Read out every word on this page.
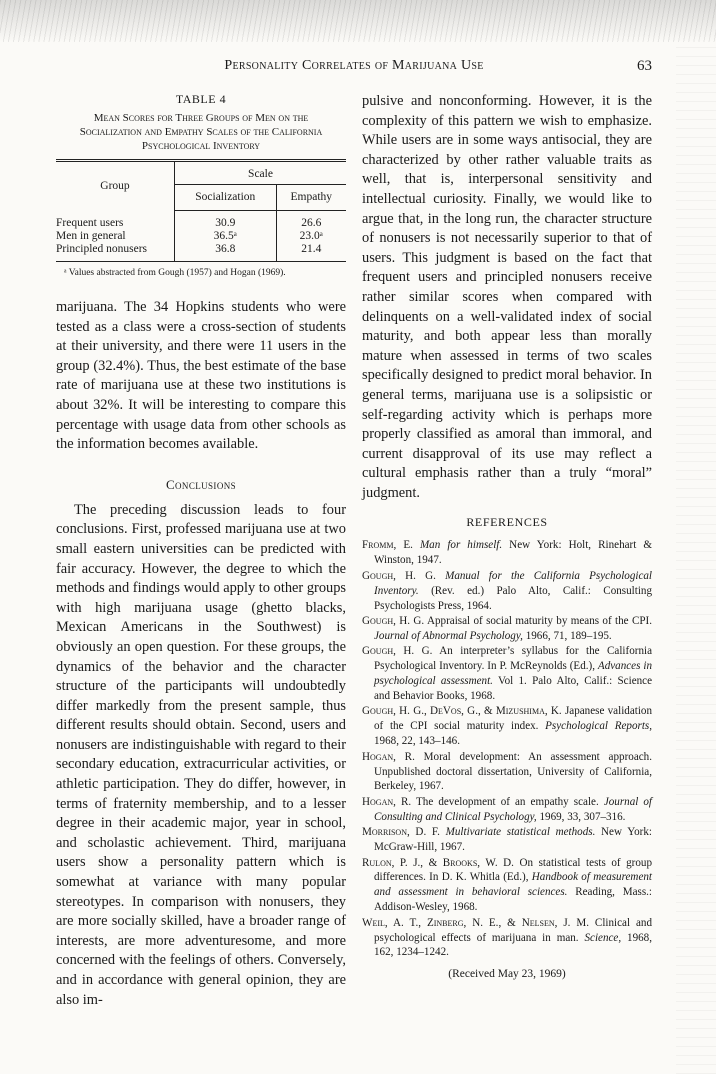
Personality Correlates of Marijuana Use	63
TABLE 4
Mean Scores for Three Groups of Men on the Socialization and Empathy Scales of the California Psychological Inventory
Group	Scale	
	Socialization	Empathy
Frequent users	30.9	26.6
Men in general	36.5ᵃ	23.0ᵃ
Principled nonusers	36.8	21.4
ᵃ Values abstracted from Gough (1957) and Hogan (1969).

marijuana. The 34 Hopkins students who were tested as a class were a cross-section of students at their university, and there were 11 users in the group (32.4%). Thus, the best estimate of the base rate of marijuana use at these two institutions is about 32%. It will be interesting to compare this percentage with usage data from other schools as the information becomes available.

Conclusions

The preceding discussion leads to four conclusions. First, professed marijuana use at two small eastern universities can be predicted with fair accuracy. However, the degree to which the methods and findings would apply to other groups with high marijuana usage (ghetto blacks, Mexican Americans in the Southwest) is obviously an open question. For these groups, the dynamics of the behavior and the character structure of the participants will undoubtedly differ markedly from the present sample, thus different results should obtain. Second, users and nonusers are indistinguishable with regard to their secondary education, extracurricular activities, or athletic participation. They do differ, however, in terms of fraternity membership, and to a lesser degree in their academic major, year in school, and scholastic achievement. Third, marijuana users show a personality pattern which is somewhat at variance with many popular stereotypes. In comparison with nonusers, they are more socially skilled, have a broader range of interests, are more adventuresome, and more concerned with the feelings of others. Conversely, and in accordance with general opinion, they are also im-

pulsive and nonconforming. However, it is the complexity of this pattern we wish to emphasize. While users are in some ways antisocial, they are characterized by other rather valuable traits as well, that is, interpersonal sensitivity and intellectual curiosity. Finally, we would like to argue that, in the long run, the character structure of nonusers is not necessarily superior to that of users. This judgment is based on the fact that frequent users and principled nonusers receive rather similar scores when compared with delinquents on a well-validated index of social maturity, and both appear less than morally mature when assessed in terms of two scales specifically designed to predict moral behavior. In general terms, marijuana use is a solipsistic or self-regarding activity which is perhaps more properly classified as amoral than immoral, and current disapproval of its use may reflect a cultural emphasis rather than a truly “moral” judgment.

REFERENCES

Fromm, E. Man for himself. New York: Holt, Rinehart & Winston, 1947.

Gough, H. G. Manual for the California Psychological Inventory. (Rev. ed.) Palo Alto, Calif.: Consulting Psychologists Press, 1964.

Gough, H. G. Appraisal of social maturity by means of the CPI. Journal of Abnormal Psychology, 1966, 71, 189–195.

Gough, H. G. An interpreter’s syllabus for the California Psychological Inventory. In P. McReynolds (Ed.), Advances in psychological assessment. Vol 1. Palo Alto, Calif.: Science and Behavior Books, 1968.

Gough, H. G., DeVos, G., & Mizushima, K. Japanese validation of the CPI social maturity index. Psychological Reports, 1968, 22, 143–146.

Hogan, R. Moral development: An assessment approach. Unpublished doctoral dissertation, University of California, Berkeley, 1967.

Hogan, R. The development of an empathy scale. Journal of Consulting and Clinical Psychology, 1969, 33, 307–316.

Morrison, D. F. Multivariate statistical methods. New York: McGraw-Hill, 1967.

Rulon, P. J., & Brooks, W. D. On statistical tests of group differences. In D. K. Whitla (Ed.), Handbook of measurement and assessment in behavioral sciences. Reading, Mass.: Addison-Wesley, 1968.

Weil, A. T., Zinberg, N. E., & Nelsen, J. M. Clinical and psychological effects of marijuana in man. Science, 1968, 162, 1234–1242.

(Received May 23, 1969)
